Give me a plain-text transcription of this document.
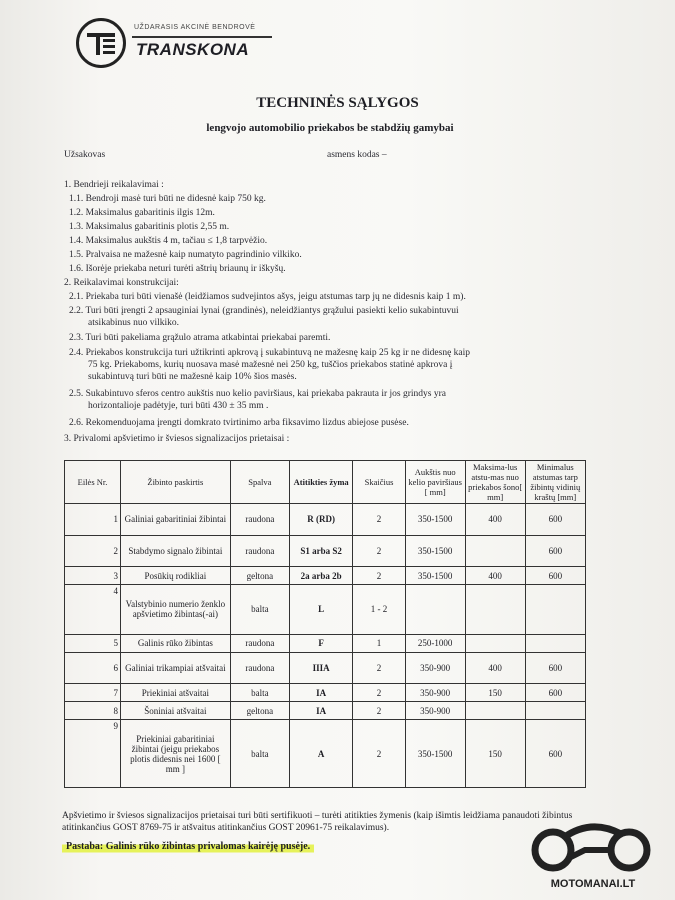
UŽDARASIS AKCINĖ BENDROVĖ
TRANSKONA
TECHNINĖS SĄLYGOS
lengvojo automobilio priekabos be stabdžių gamybai
Užsakovas	asmens kodas –
1. Bendrieji reikalavimai :
1.1. Bendroji masė turi būti ne didesnė kaip 750 kg.
1.2. Maksimalus gabaritinis ilgis 12m.
1.3. Maksimalus gabaritinis plotis 2,55 m.
1.4. Maksimalus aukštis 4 m, tačiau ≤ 1,8 tarpvėžio.
1.5. Pralvaisa ne mažesnė kaip numatyto pagrindinio vilkiko.
1.6. Išorėje priekaba neturi turėti aštrių briaunų ir iškyšų.
2. Reikalavimai konstrukcijai:
2.1. Priekaba turi būti vienašė (leidžiamos sudvejintos ašys, jeigu atstumas tarp jų ne didesnis kaip 1 m).
2.2. Turi būti įrengti 2 apsauginiai lynai (grandinės), neleidžiantys grąžului pasiekti kelio sukabintuvui
atsikabinus nuo vilkiko.
2.3. Turi būti pakeliama grąžulo atrama atkabintai priekabai paremti.
2.4. Priekabos konstrukcija turi užtikrinti apkrovą į sukabintuvą ne mažesnę kaip 25 kg ir ne didesnę kaip
75 kg. Priekaboms, kurių nuosava masė mažesnė nei 250 kg, tuščios priekabos statinė apkrova į
sukabintuvą turi būti ne mažesnė kaip 10% šios masės.
2.5. Sukabintuvo sferos centro aukštis nuo kelio paviršiaus, kai priekaba pakrauta ir jos grindys yra
horizontalioje padėtyje, turi būti 430 ± 35 mm .
2.6. Rekomenduojama įrengti domkrato tvirtinimo arba fiksavimo lizdus abiejose pusėse.
3. Privalomi apšvietimo ir šviesos signalizacijos prietaisai :
Eilės Nr.	Žibinto paskirtis	Spalva	Atitikties žyma	Skaičius	Aukštis nuo kelio paviršiaus [ mm]	Maksima-lus atstu-mas nuo priekabos šono[ mm]	Minimalus atstumas tarp žibintų vidinių kraštų [mm]
1	Galiniai gabaritiniai žibintai	raudona	R (RD)	2	350-1500	400	600
2	Stabdymo signalo žibintai	raudona	S1 arba S2	2	350-1500		600
3	Posūkių rodikliai	geltona	2a arba 2b	2	350-1500	400	600
4	Valstybinio numerio ženklo apšvietimo žibintas(-ai)	balta	L	1 - 2			
5	Galinis rūko žibintas	raudona	F	1	250-1000		
6	Galiniai trikampiai atšvaitai	raudona	IIIA	2	350-900	400	600
7	Priekiniai atšvaitai	balta	IA	2	350-900	150	600
8	Šoniniai atšvaitai	geltona	IA	2	350-900		
9	Priekiniai gabaritiniai žibintai (jeigu priekabos plotis didesnis nei 1600 [ mm ]	balta	A	2	350-1500	150	600
Apšvietimo ir šviesos signalizacijos prietaisai turi būti sertifikuoti – turėti atitikties žymenis (kaip išimtis leidžiama panaudoti žibintus atitinkančius GOST 8769-75 ir atšvaitus atitinkančius GOST 20961-75 reikalavimus).
Pastaba: Galinis rūko žibintas privalomas kairėję pusėje.
MOTOMANAI.LT
